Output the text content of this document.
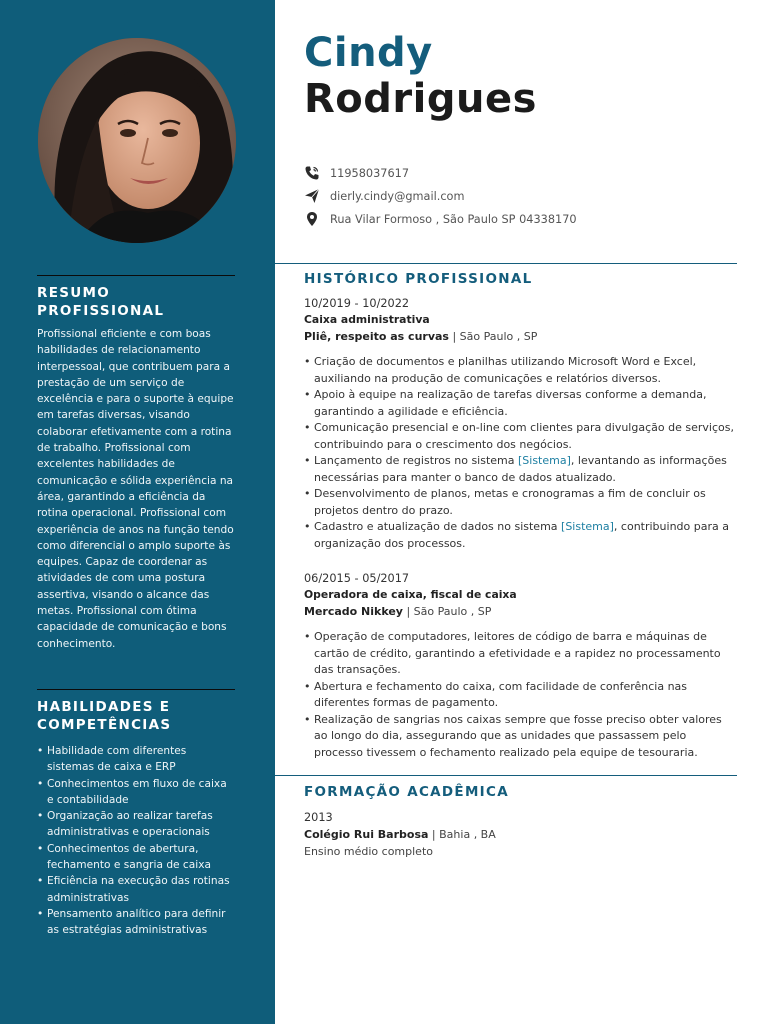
RESUMO PROFISSIONAL
Profissional eficiente e com boas habilidades de relacionamento interpessoal, que contribuem para a prestação de um serviço de excelência e para o suporte à equipe em tarefas diversas, visando colaborar efetivamente com a rotina de trabalho. Profissional com excelentes habilidades de comunicação e sólida experiência na área, garantindo a eficiência da rotina operacional. Profissional com experiência de anos na função tendo como diferencial o amplo suporte às equipes. Capaz de coordenar as atividades de com uma postura assertiva, visando o alcance das metas. Profissional com ótima capacidade de comunicação e bons conhecimento.
HABILIDADES E COMPETÊNCIAS
• Habilidade com diferentes sistemas de caixa e ERP
• Conhecimentos em fluxo de caixa e contabilidade
• Organização ao realizar tarefas administrativas e operacionais
• Conhecimentos de abertura, fechamento e sangria de caixa
• Eficiência na execução das rotinas administrativas
• Pensamento analítico para definir as estratégias administrativas
Cindy
Rodrigues
11958037617
dierly.cindy@gmail.com
Rua Vilar Formoso , São Paulo SP 04338170
HISTÓRICO PROFISSIONAL
10/2019 - 10/2022
Caixa administrativa
Pliê, respeito as curvas | São Paulo , SP
• Criação de documentos e planilhas utilizando Microsoft Word e Excel, auxiliando na produção de comunicações e relatórios diversos.
• Apoio à equipe na realização de tarefas diversas conforme a demanda, garantindo a agilidade e eficiência.
• Comunicação presencial e on-line com clientes para divulgação de serviços, contribuindo para o crescimento dos negócios.
• Lançamento de registros no sistema [Sistema], levantando as informações necessárias para manter o banco de dados atualizado.
• Desenvolvimento de planos, metas e cronogramas a fim de concluir os projetos dentro do prazo.
• Cadastro e atualização de dados no sistema [Sistema], contribuindo para a organização dos processos.
06/2015 - 05/2017
Operadora de caixa, fiscal de caixa
Mercado Nikkey | São Paulo , SP
• Operação de computadores, leitores de código de barra e máquinas de cartão de crédito, garantindo a efetividade e a rapidez no processamento das transações.
• Abertura e fechamento do caixa, com facilidade de conferência nas diferentes formas de pagamento.
• Realização de sangrias nos caixas sempre que fosse preciso obter valores ao longo do dia, assegurando que as unidades que passassem pelo processo tivessem o fechamento realizado pela equipe de tesouraria.
FORMAÇÃO ACADÊMICA
2013
Colégio Rui Barbosa | Bahia , BA
Ensino médio completo
